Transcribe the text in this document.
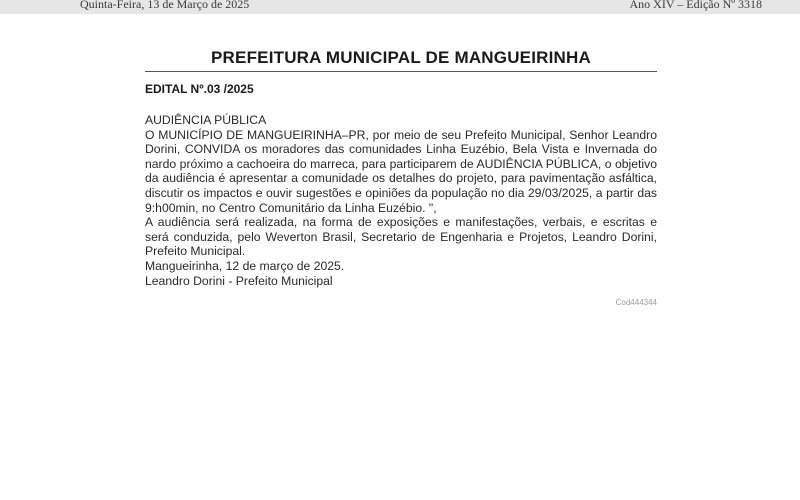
Quinta-Feira, 13 de Março de 2025	Ano XIV – Edição Nº 3318
PREFEITURA MUNICIPAL DE MANGUEIRINHA
EDITAL Nº.03 /2025

AUDIÊNCIA PÚBLICA

O MUNICÍPIO DE MANGUEIRINHA–PR, por meio de seu Prefeito Municipal, Senhor Leandro Dorini, CONVIDA os moradores das comunidades Linha Euzébio, Bela Vista e Invernada do nardo próximo a cachoeira do marreca, para participarem de AUDIÊNCIA PÚBLICA, o objetivo da audiência é apresentar a comunidade os detalhes do projeto, para pavimentação asfáltica, discutir os impactos e ouvir sugestões e opiniões da população no dia 29/03/2025, a partir das 9:h00min, no Centro Comunitário da Linha Euzébio. ",

A audiência será realizada, na forma de exposições e manifestações, verbais, e escritas e será conduzida, pelo Weverton Brasil, Secretario de Engenharia e Projetos, Leandro Dorini, Prefeito Municipal.

Mangueirinha, 12 de março de 2025.

Leandro Dorini - Prefeito Municipal

Cod444344
